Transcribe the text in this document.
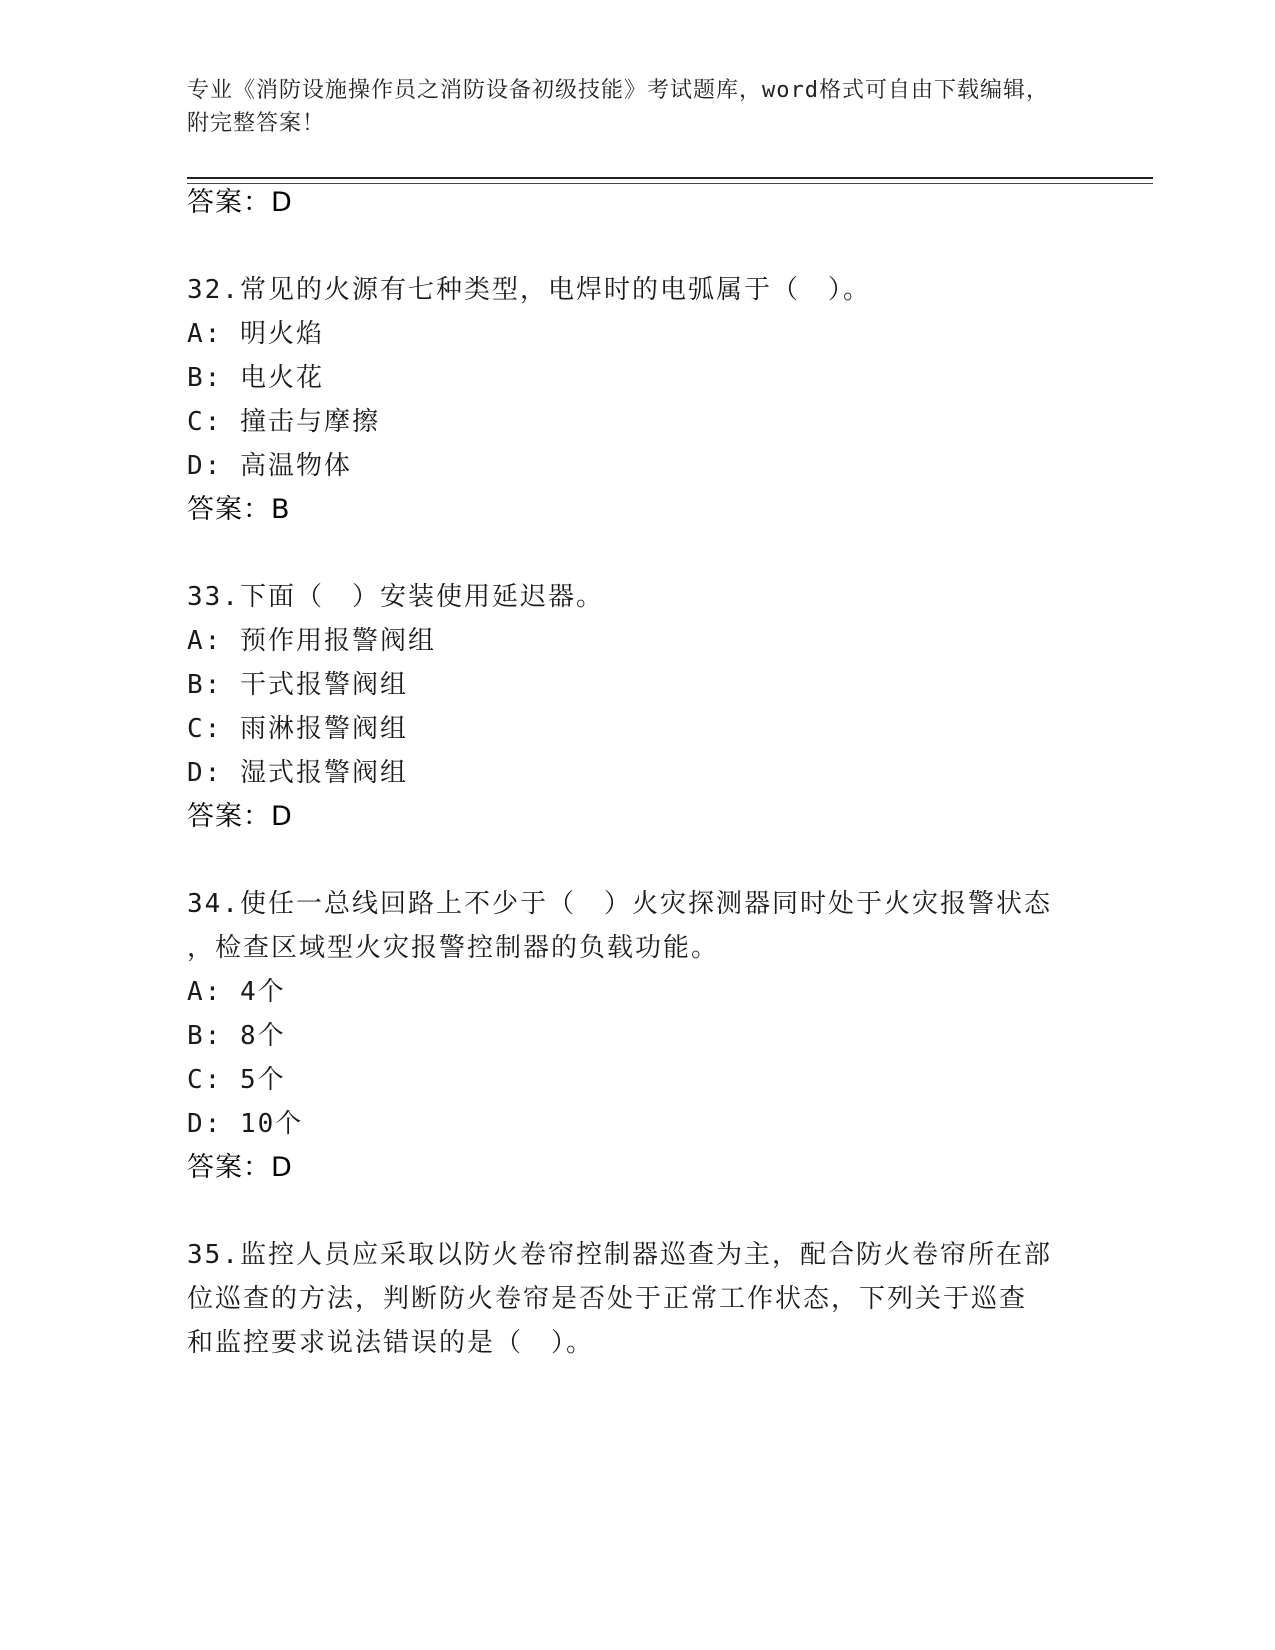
专业《消防设施操作员之消防设备初级技能》考试题库，word格式可自由下载编辑，附完整答案！
答案：D
32.常见的火源有七种类型，电焊时的电弧属于（　）。
A: 明火焰
B: 电火花
C: 撞击与摩擦
D: 高温物体
答案：B
33.下面（　）安装使用延迟器。
A: 预作用报警阀组
B: 干式报警阀组
C: 雨淋报警阀组
D: 湿式报警阀组
答案：D
34.使任一总线回路上不少于（　）火灾探测器同时处于火灾报警状态
，检查区域型火灾报警控制器的负载功能。
A: 4个
B: 8个
C: 5个
D: 10个
答案：D
35.监控人员应采取以防火卷帘控制器巡查为主，配合防火卷帘所在部
位巡查的方法，判断防火卷帘是否处于正常工作状态，下列关于巡查
和监控要求说法错误的是（　）。
